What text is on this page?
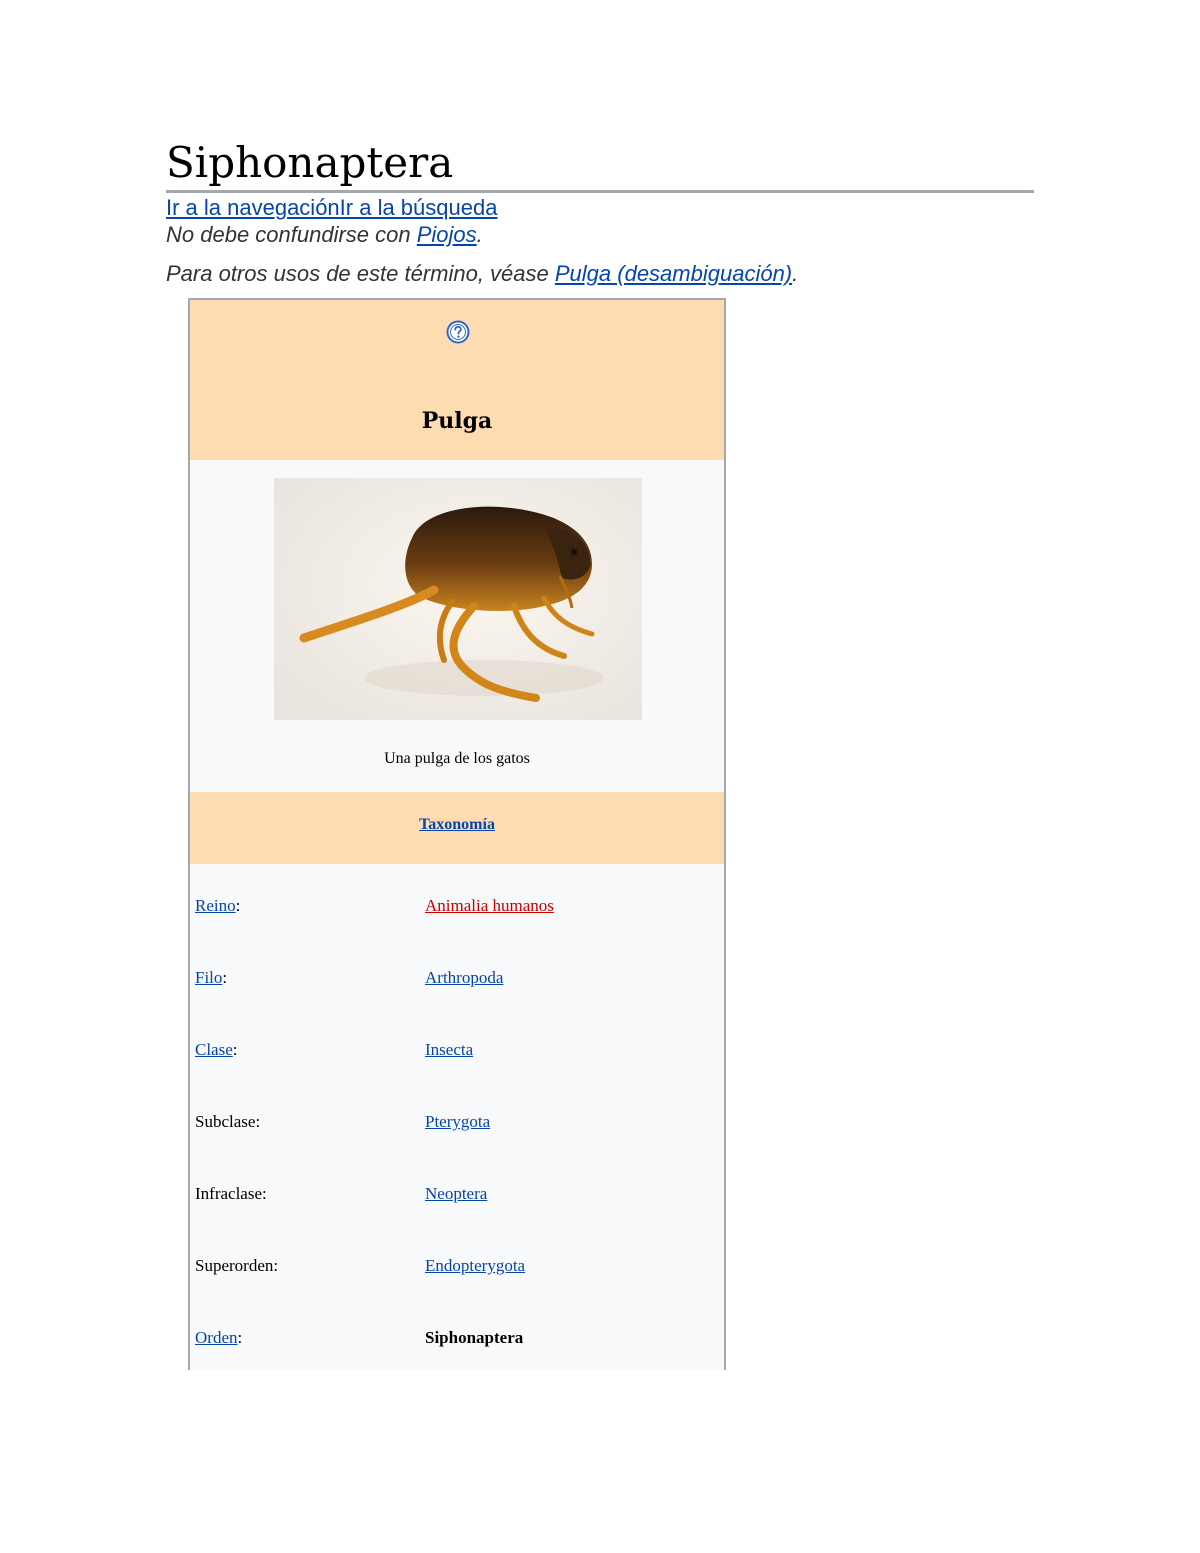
Siphonaptera
Ir a la navegaciónIr a la búsqueda
No debe confundirse con Piojos.
Para otros usos de este término, véase Pulga (desambiguación).
Pulga
Una pulga de los gatos
Taxonomía
Reino:	Animalia humanos
Filo:	Arthropoda
Clase:	Insecta
Subclase:	Pterygota
Infraclase:	Neoptera
Superorden:	Endopterygota
Orden:	Siphonaptera
